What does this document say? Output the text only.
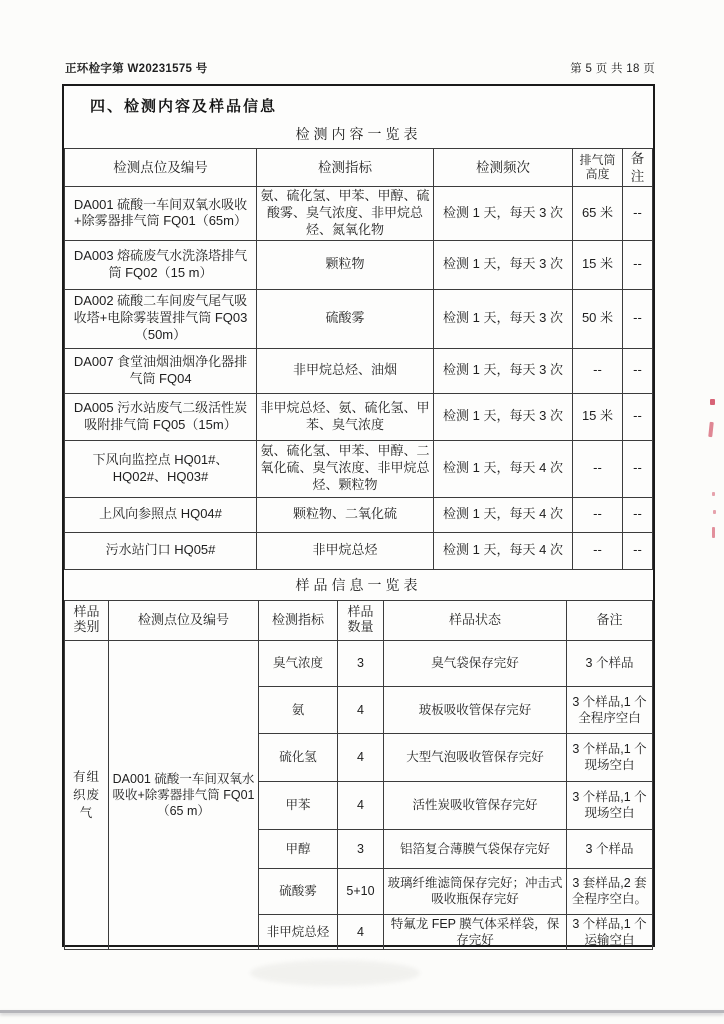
正环检字第 W20231575 号	第 5 页 共 18 页
四、检测内容及样品信息
检测内容一览表
检测点位及编号	检测指标	检测频次	排气筒
高度	备注
DA001 硫酸一车间双氧水吸收+除雾器排气筒 FQ01（65m）	氨、硫化氢、甲苯、甲醇、硫酸雾、臭气浓度、非甲烷总烃、氮氧化物	检测 1 天，每天 3 次	65 米	--
DA003 熔硫废气水洗涤塔排气筒 FQ02（15 m）	颗粒物	检测 1 天，每天 3 次	15 米	--
DA002 硫酸二车间废气尾气吸收塔+电除雾装置排气筒 FQ03（50m）	硫酸雾	检测 1 天，每天 3 次	50 米	--
DA007 食堂油烟油烟净化器排气筒 FQ04	非甲烷总烃、油烟	检测 1 天，每天 3 次	--	--
DA005 污水站废气二级活性炭吸附排气筒 FQ05（15m）	非甲烷总烃、氨、硫化氢、甲苯、臭气浓度	检测 1 天，每天 3 次	15 米	--
下风向监控点 HQ01#、HQ02#、HQ03#	氨、硫化氢、甲苯、甲醇、二氧化硫、臭气浓度、非甲烷总烃、颗粒物	检测 1 天，每天 4 次	--	--
上风向参照点 HQ04#	颗粒物、二氧化硫	检测 1 天，每天 4 次	--	--
污水站门口 HQ05#	非甲烷总烃	检测 1 天，每天 4 次	--	--
样品信息一览表
样品
类别	检测点位及编号	检测指标	样品
数量	样品状态	备注
有组织废气	DA001 硫酸一车间双氧水吸收+除雾器排气筒 FQ01（65 m）	臭气浓度	3	臭气袋保存完好	3 个样品
		氨	4	玻板吸收管保存完好	3 个样品,1 个全程序空白
		硫化氢	4	大型气泡吸收管保存完好	3 个样品,1 个现场空白
		甲苯	4	活性炭吸收管保存完好	3 个样品,1 个现场空白
		甲醇	3	铝箔复合薄膜气袋保存完好	3 个样品
		硫酸雾	5+10	玻璃纤维滤筒保存完好；冲击式吸收瓶保存完好	3 套样品,2 套全程序空白。
		非甲烷总烃	4	特氟龙 FEP 膜气体采样袋，保存完好	3 个样品,1 个运输空白
